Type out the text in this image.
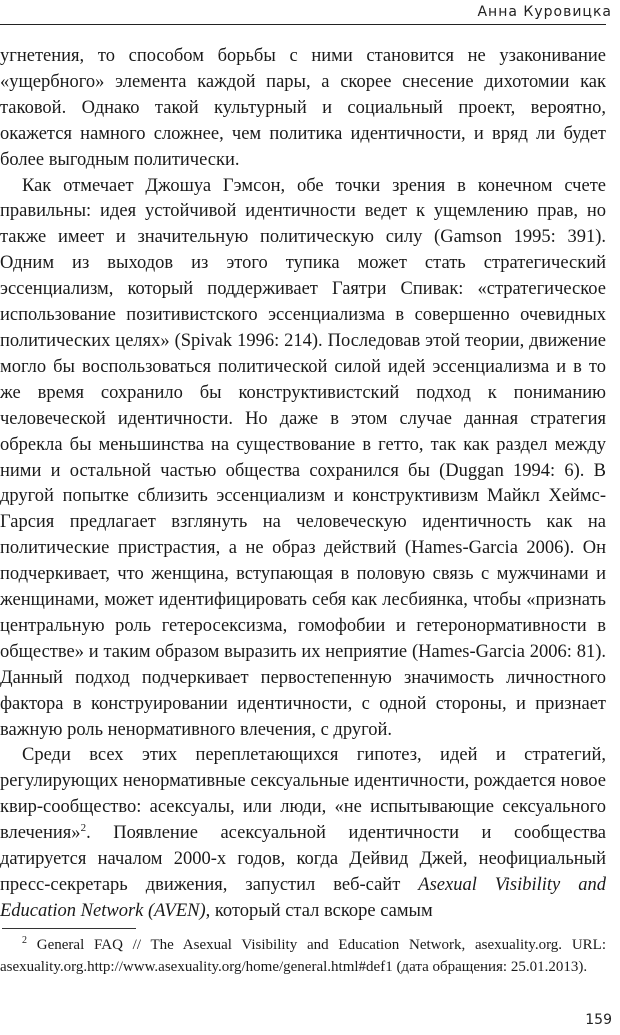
Анна Куровицка

угнетения, то способом борьбы с ними становится не узаконивание «ущербного» элемента каждой пары, а скорее снесение дихотомии как таковой. Однако такой культурный и социальный проект, вероятно, окажется намного сложнее, чем политика идентичности, и вряд ли будет более выгодным политически.

Как отмечает Джошуа Гэмсон, обе точки зрения в конечном счете правильны: идея устойчивой идентичности ведет к ущемлению прав, но также имеет и значительную политическую силу (Gamson 1995: 391). Одним из выходов из этого тупика может стать стратегический эссенциализм, который поддерживает Гаятри Спивак: «стратегическое использование позитивистского эссенциализма в совершенно очевидных политических целях» (Spivak 1996: 214). Последовав этой теории, движение могло бы воспользоваться политической силой идей эссенциализма и в то же время сохранило бы конструктивистский подход к пониманию человеческой идентичности. Но даже в этом случае данная стратегия обрекла бы меньшинства на существование в гетто, так как раздел между ними и остальной частью общества сохранился бы (Duggan 1994: 6). В другой попытке сблизить эссенциализм и конструктивизм Майкл Хеймс-Гарсия предлагает взглянуть на человеческую идентичность как на политические пристрастия, а не образ действий (Hames-Garcia 2006). Он подчеркивает, что женщина, вступающая в половую связь с мужчинами и женщинами, может идентифицировать себя как лесбиянка, чтобы «признать центральную роль гетеросексизма, гомофобии и гетеронормативности в обществе» и таким образом выразить их неприятие (Hames-Garcia 2006: 81). Данный подход подчеркивает первостепенную значимость личностного фактора в конструировании идентичности, с одной стороны, и признает важную роль ненормативного влечения, с другой.

Среди всех этих переплетающихся гипотез, идей и стратегий, регулирующих ненормативные сексуальные идентичности, рождается новое квир-сообщество: асексуалы, или люди, «не испытывающие сексуального влечения»$^2$. Появление асексуальной идентичности и сообщества датируется началом 2000-х годов, когда Дейвид Джей, неофициальный пресс-секретарь движения, запустил веб-сайт Asexual Visibility and Education Network (AVEN), который стал вскоре самым

$^2$ General FAQ // The Asexual Visibility and Education Network, asexuality.org. URL: asexuality.org.http://www.asexuality.org/home/general.html#def1 (дата обращения: 25.01.2013).

159
